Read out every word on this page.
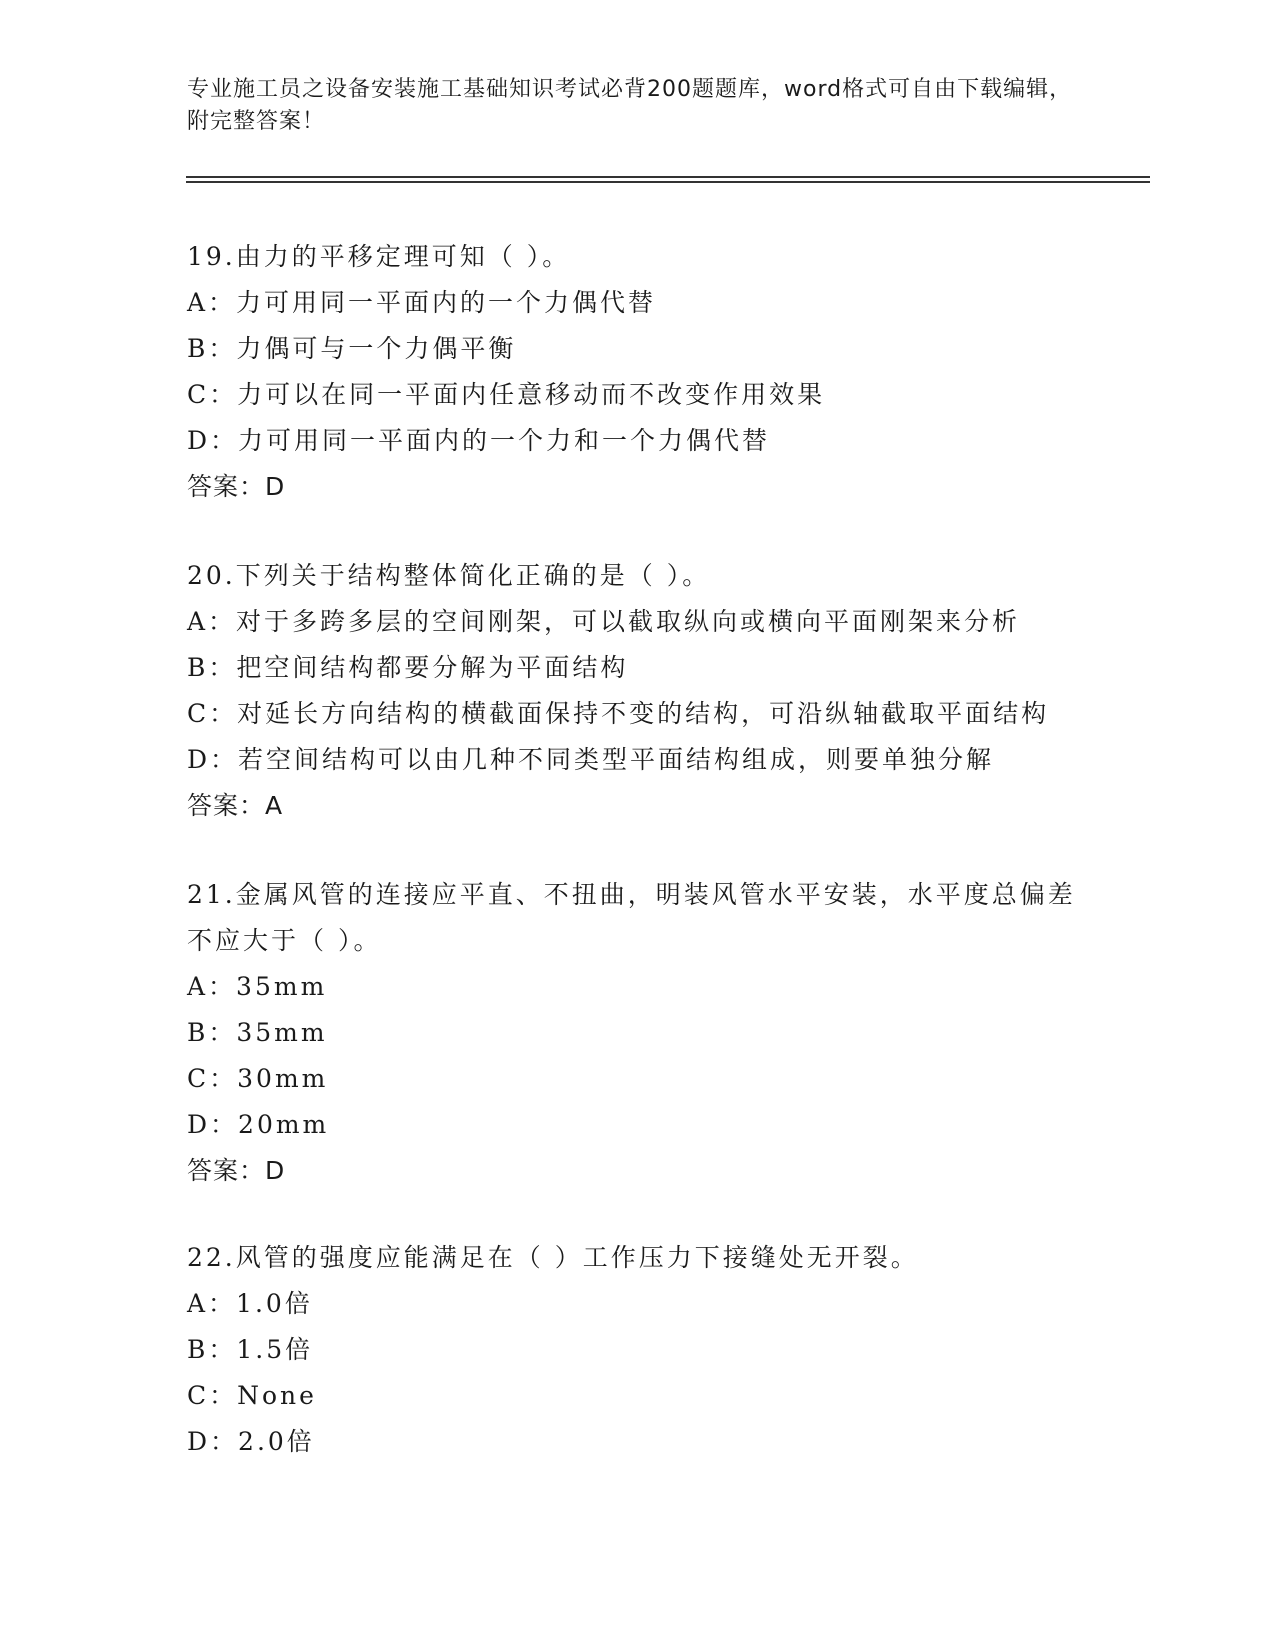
专业施工员之设备安装施工基础知识考试必背200题题库，word格式可自由下载编辑，附完整答案！
19.由力的平移定理可知（ ）。
A：力可用同一平面内的一个力偶代替
B：力偶可与一个力偶平衡
C：力可以在同一平面内任意移动而不改变作用效果
D：力可用同一平面内的一个力和一个力偶代替
答案：D
20.下列关于结构整体简化正确的是（ ）。
A：对于多跨多层的空间刚架，可以截取纵向或横向平面刚架来分析
B：把空间结构都要分解为平面结构
C：对延长方向结构的横截面保持不变的结构，可沿纵轴截取平面结构
D：若空间结构可以由几种不同类型平面结构组成，则要单独分解
答案：A
21.金属风管的连接应平直、不扭曲，明装风管水平安装，水平度总偏差不应大于（ ）。
A：35mm
B：35mm
C：30mm
D：20mm
答案：D
22.风管的强度应能满足在（ ）工作压力下接缝处无开裂。
A：1.0倍
B：1.5倍
C：None
D：2.0倍
